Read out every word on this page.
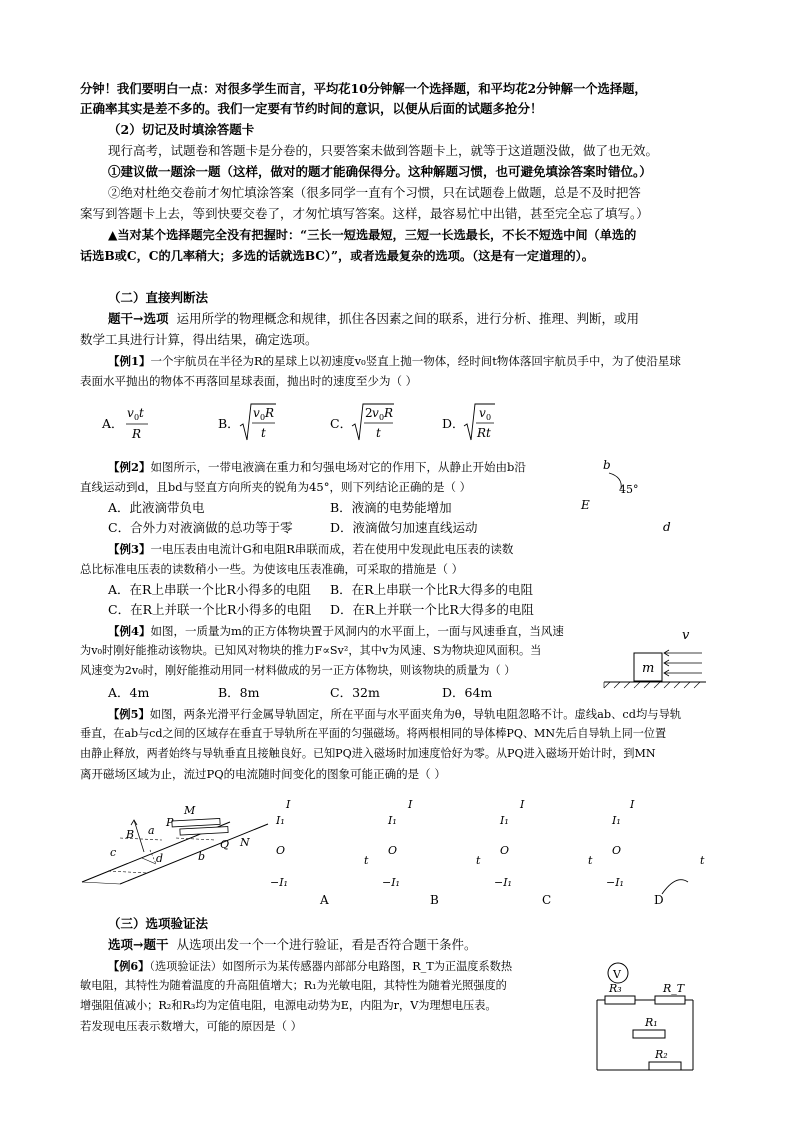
分钟！我们要明白一点：对很多学生而言，平均花10分钟解一个选择题，和平均花2分钟解一个选择题，
正确率其实是差不多的。我们一定要有节约时间的意识，以便从后面的试题多抢分！
（2）切记及时填涂答题卡
现行高考，试题卷和答题卡是分卷的，只要答案未做到答题卡上，就等于这道题没做，做了也无效。
①建议做一题涂一题（这样，做对的题才能确保得分。这种解题习惯，也可避免填涂答案时错位。）
②绝对杜绝交卷前才匆忙填涂答案（很多同学一直有个习惯，只在试题卷上做题，总是不及时把答
案写到答题卡上去，等到快要交卷了，才匆忙填写答案。这样，最容易忙中出错，甚至完全忘了填写。）
▲当对某个选择题完全没有把握时：“三长一短选最短，三短一长选最长，不长不短选中间（单选的
话选B或C，C的几率稍大；多选的话就选BC）”，或者选最复杂的选项。（这是有一定道理的）。
（二）直接判断法
题干→选项 运用所学的物理概念和规律，抓住各因素之间的联系，进行分析、推理、判断，或用
数学工具进行计算，得出结果，确定选项。
【例1】一个宇航员在半径为R的星球上以初速度v₀竖直上抛一物体，经时间t物体落回宇航员手中，为了使沿星球
表面水平抛出的物体不再落回星球表面，抛出时的速度至少为（ ）
A．
v 0 t
R
B．
v 0 R
t
C．
2 v 0 R
t
D．
v 0
Rt
【例2】如图所示，一带电液滴在重力和匀强电场对它的作用下，从静止开始由b沿
直线运动到d，且bd与竖直方向所夹的锐角为45°，则下列结论正确的是（ ）
A．此液滴带负电	B．液滴的电势能增加
C．合外力对液滴做的总功等于零	D．液滴做匀加速直线运动
b
45°
E
d
【例3】一电压表由电流计G和电阻R串联而成，若在使用中发现此电压表的读数
总比标准电压表的读数稍小一些。为使该电压表准确，可采取的措施是（ ）
A．在R上串联一个比R小得多的电阻 B．在R上串联一个比R大得多的电阻
C．在R上并联一个比R小得多的电阻 D．在R上并联一个比R大得多的电阻
【例4】如图，一质量为m的正方体物块置于风洞内的水平面上，一面与风速垂直，当风速
为v₀时刚好能推动该物块。已知风对物块的推力F∝Sv²，其中v为风速、S为物块迎风面积。当
风速变为2v₀时，刚好能推动用同一材料做成的另一正方体物块，则该物块的质量为（ ）
A．4m	B．8m	C．32m	D．64m
v
m
【例5】如图，两条光滑平行金属导轨固定，所在平面与水平面夹角为θ，导轨电阻忽略不计。虚线ab、cd均与导轨
垂直，在ab与cd之间的区域存在垂直于导轨所在平面的匀强磁场。将两根相同的导体棒PQ、MN先后自导轨上同一位置
由静止释放，两者始终与导轨垂直且接触良好。已知PQ进入磁场时加速度恰好为零。从PQ进入磁场开始计时，到MN
离开磁场区域为止，流过PQ的电流随时间变化的图象可能正确的是（ ）
B
M
P
N
Q
a
b
c	d
I
I₁
O
t
−I₁
A
I
I₁
O
t
−I₁
B
I
I₁
O
t
−I₁
C
I
I₁
O
t
−I₁
D
（三）选项验证法
选项→题干 从选项出发一个一个进行验证，看是否符合题干条件。
【例6】（选项验证法）如图所示为某传感器内部部分电路图，R_T为正温度系数热
敏电阻，其特性为随着温度的升高阻值增大；R₁为光敏电阻，其特性为随着光照强度的
增强阻值减小；R₂和R₃均为定值电阻，电源电动势为E，内阻为r，V为理想电压表。
若发现电压表示数增大，可能的原因是（ ）
V
R₃	R_T
R₁
R₂
